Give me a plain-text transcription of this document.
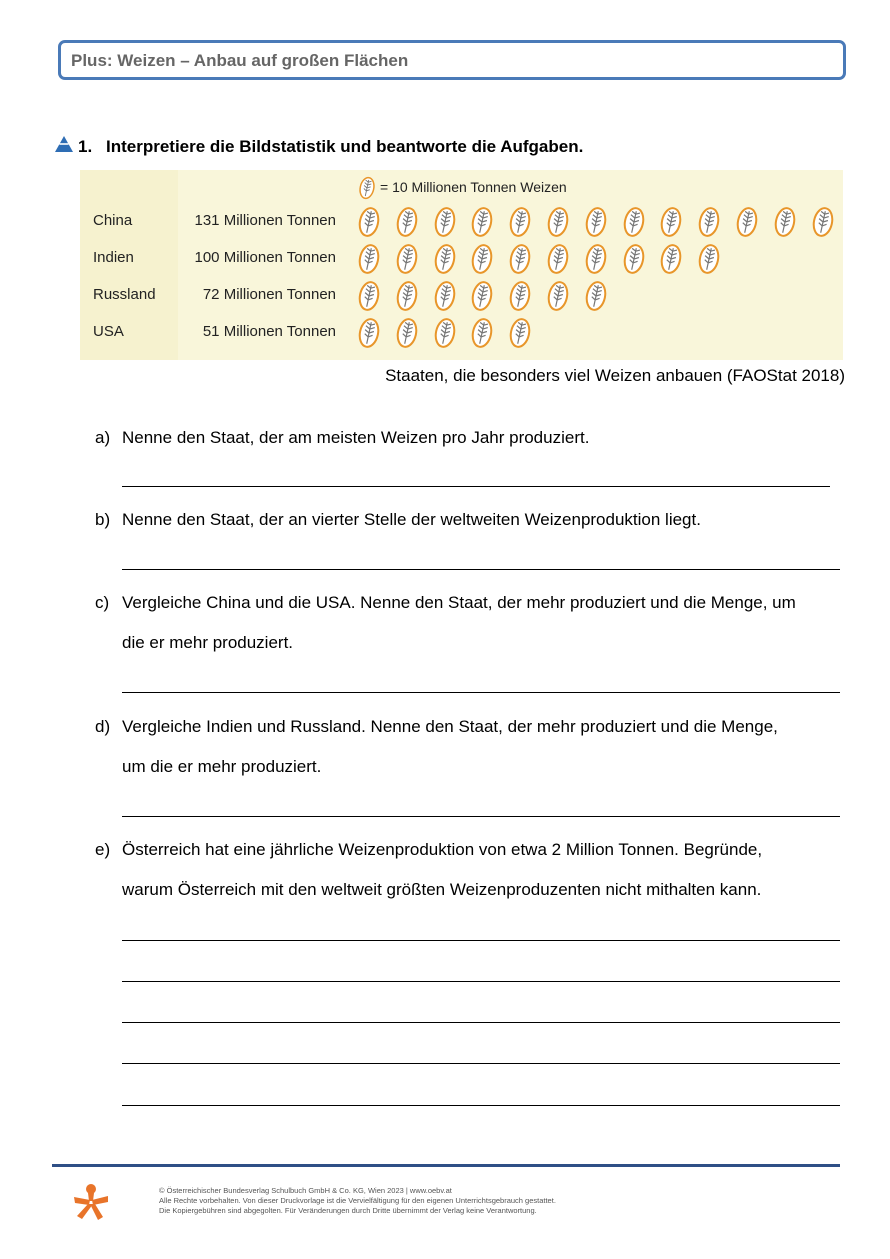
Plus: Weizen – Anbau auf großen Flächen
1. Interpretiere die Bildstatistik und beantworte die Aufgaben.
= 10 Millionen Tonnen Weizen
China	131 Millionen Tonnen
Indien	100 Millionen Tonnen
Russland	72 Millionen Tonnen
USA	51 Millionen Tonnen
Staaten, die besonders viel Weizen anbauen (FAOStat 2018)
a) Nenne den Staat, der am meisten Weizen pro Jahr produziert.
b) Nenne den Staat, der an vierter Stelle der weltweiten Weizenproduktion liegt.
c) Vergleiche China und die USA. Nenne den Staat, der mehr produziert und die Menge, um
die er mehr produziert.
d) Vergleiche Indien und Russland. Nenne den Staat, der mehr produziert und die Menge,
um die er mehr produziert.
e) Österreich hat eine jährliche Weizenproduktion von etwa 2 Million Tonnen. Begründe,
warum Österreich mit den weltweit größten Weizenproduzenten nicht mithalten kann.
© Österreichischer Bundesverlag Schulbuch GmbH & Co. KG, Wien 2023 | www.oebv.at
Alle Rechte vorbehalten. Von dieser Druckvorlage ist die Vervielfältigung für den eigenen Unterrichtsgebrauch gestattet.
Die Kopiergebühren sind abgegolten. Für Veränderungen durch Dritte übernimmt der Verlag keine Verantwortung.
